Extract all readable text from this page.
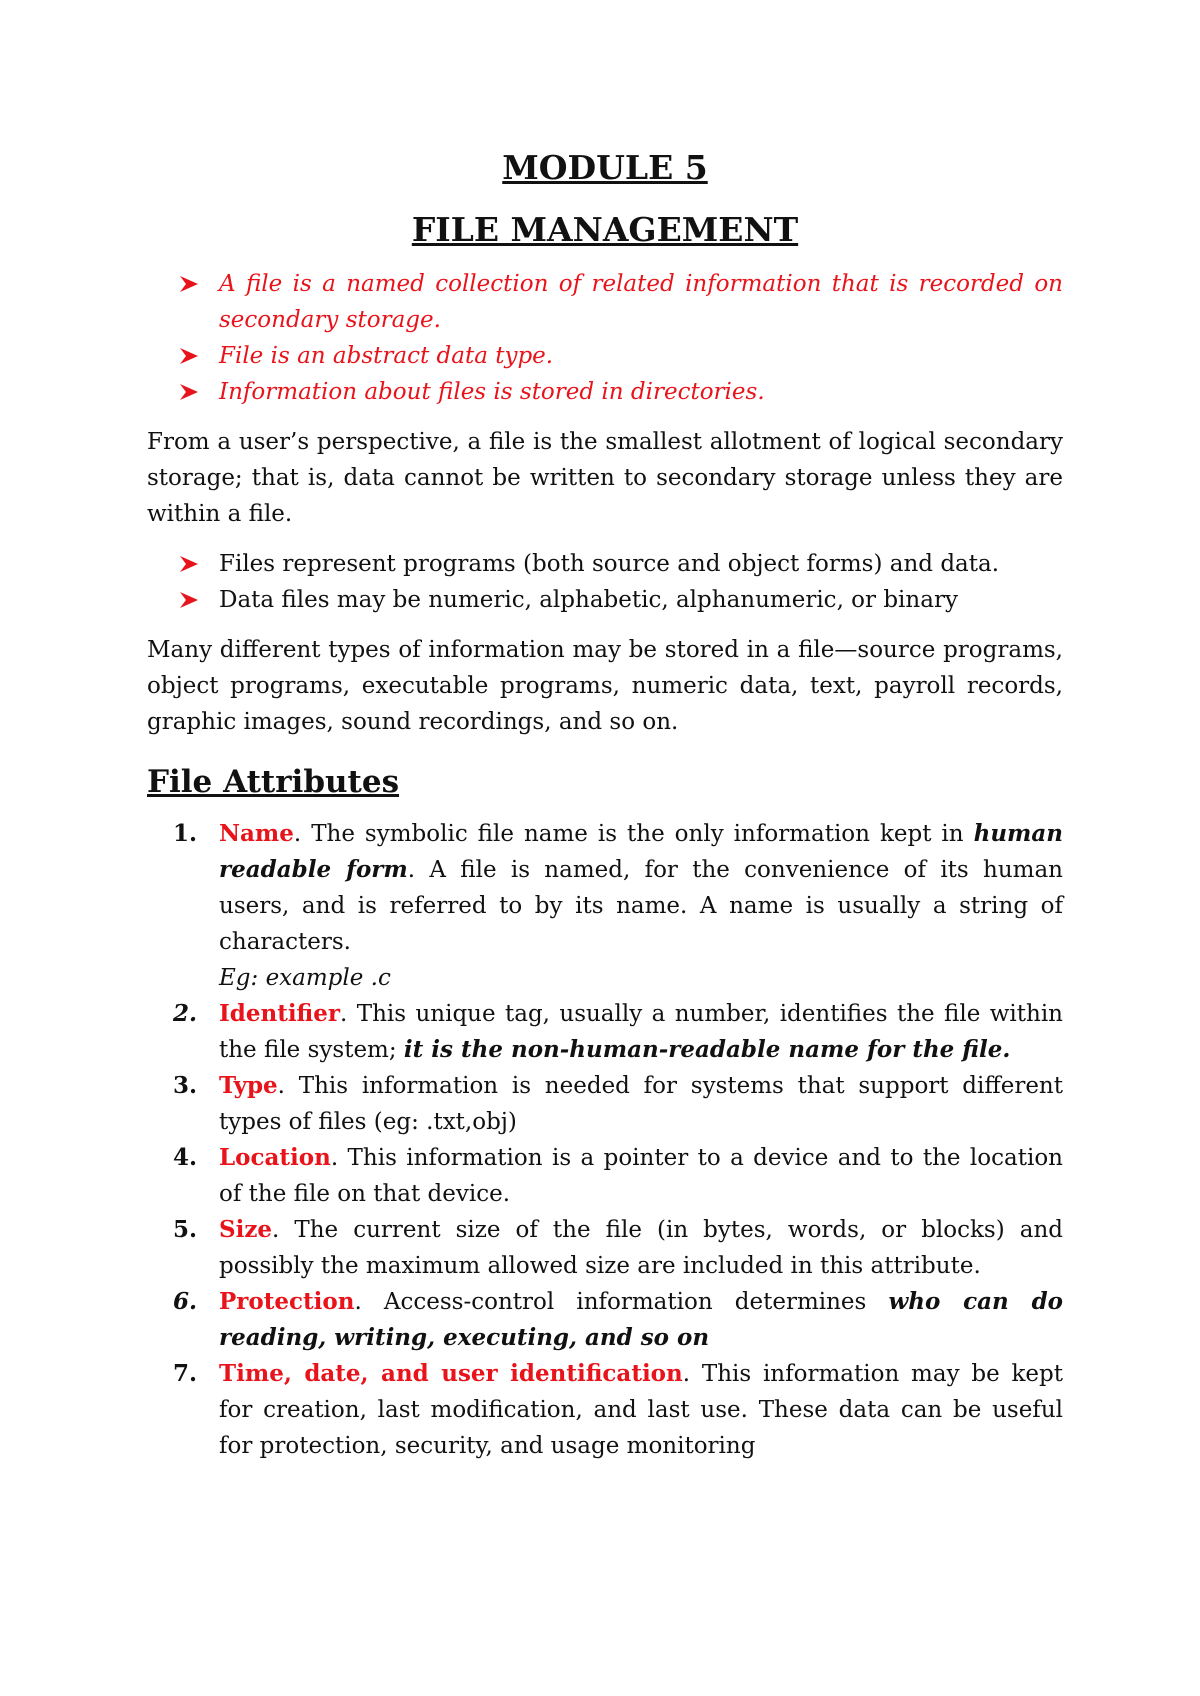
MODULE 5
FILE MANAGEMENT

A file is a named collection of related information that is recorded on secondary storage.

File is an abstract data type.

Information about files is stored in directories.

From a user’s perspective, a file is the smallest allotment of logical secondary storage; that is, data cannot be written to secondary storage unless they are within a file.

Files represent programs (both source and object forms) and data.

Data files may be numeric, alphabetic, alphanumeric, or binary

Many different types of information may be stored in a file—source programs, object programs, executable programs, numeric data, text, payroll records, graphic images, sound recordings, and so on.

File Attributes

1. Name. The symbolic file name is the only information kept in human readable form. A file is named, for the convenience of its human users, and is referred to by its name. A name is usually a string of characters.
Eg: example .c

2. Identifier. This unique tag, usually a number, identifies the file within the file system; it is the non-human-readable name for the file.

3. Type. This information is needed for systems that support different types of files (eg: .txt,obj)

4. Location. This information is a pointer to a device and to the location of the file on that device.

5. Size. The current size of the file (in bytes, words, or blocks) and possibly the maximum allowed size are included in this attribute.

6. Protection. Access-control information determines who can do reading, writing, executing, and so on

7. Time, date, and user identification. This information may be kept for creation, last modification, and last use. These data can be useful for protection, security, and usage monitoring
